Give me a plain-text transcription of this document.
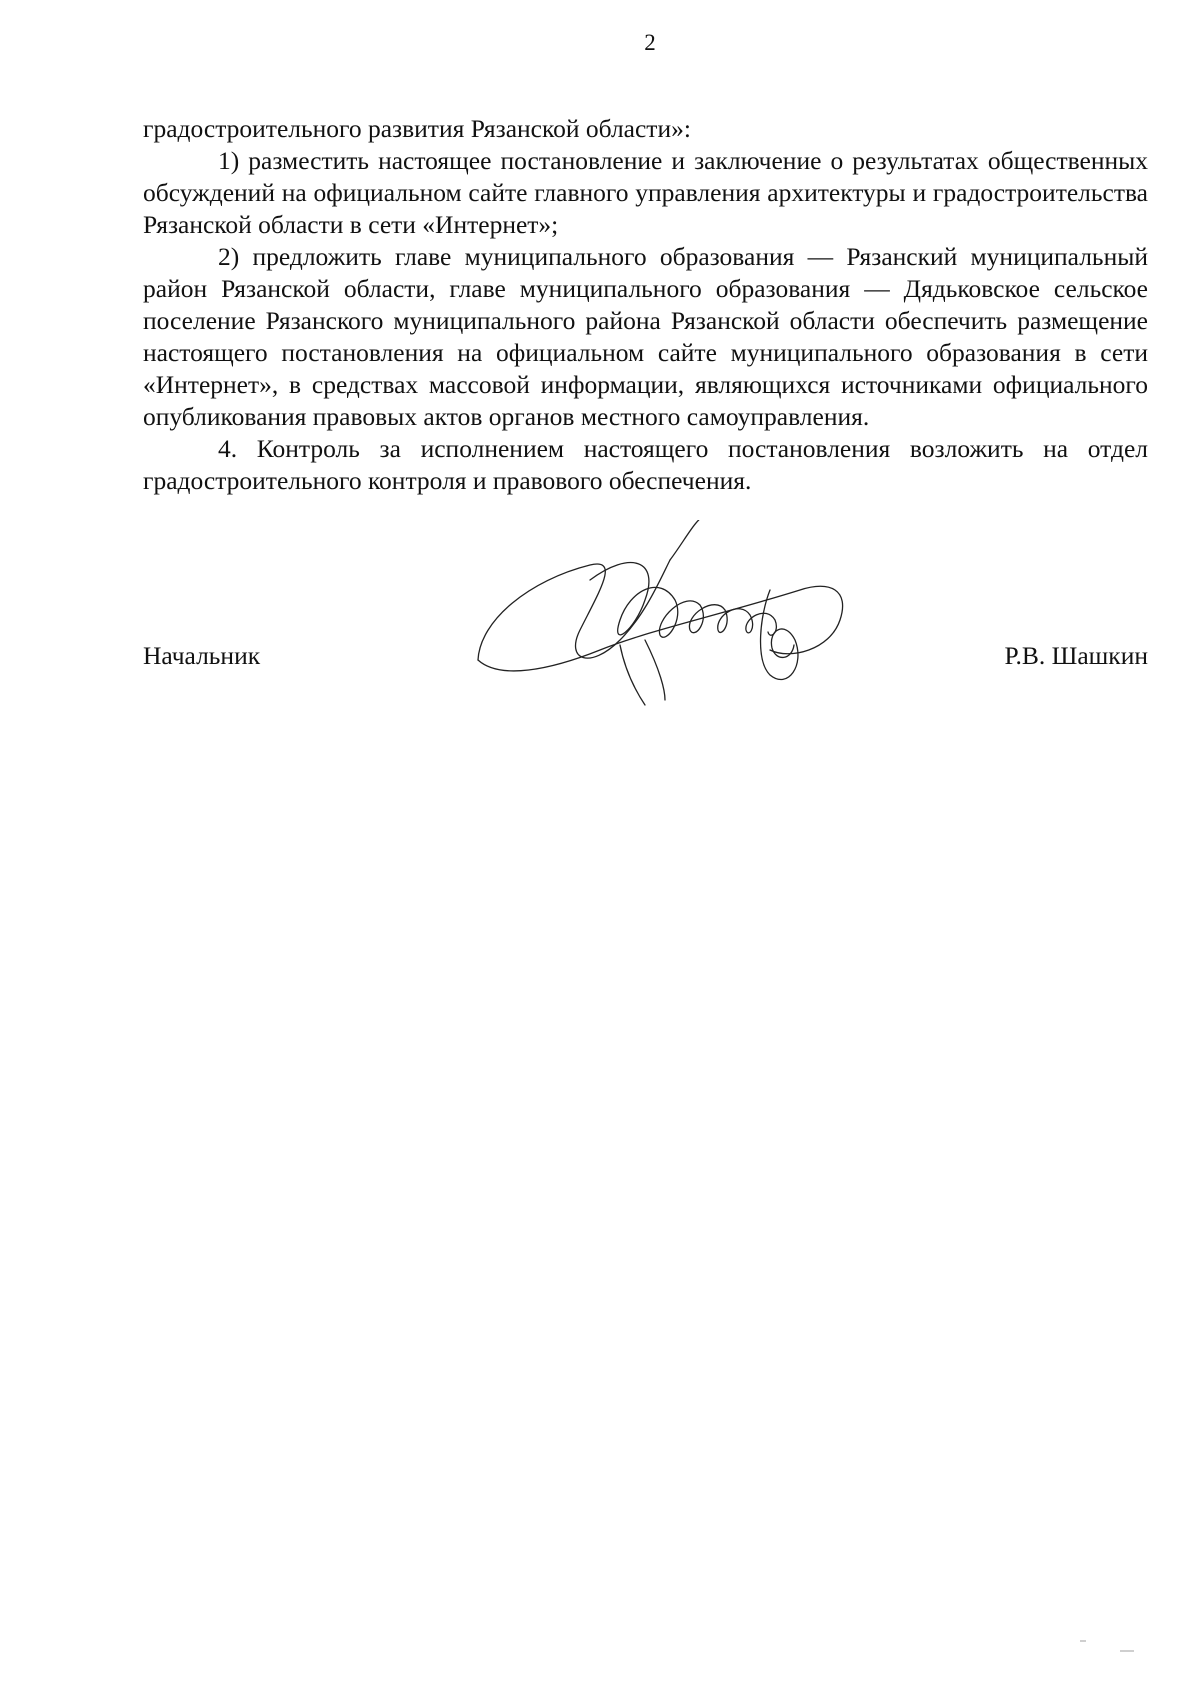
2

градостроительного развития Рязанской области»:

1) разместить настоящее постановление и заключение о результатах общественных обсуждений на официальном сайте главного управления архитектуры и градостроительства Рязанской области в сети «Интернет»;

2) предложить главе муниципального образования — Рязанский муниципальный район Рязанской области, главе муниципального образования — Дядьковское сельское поселение Рязанского муниципального района Рязанской области обеспечить размещение настоящего постановления на официальном сайте муниципального образования в сети «Интернет», в средствах массовой информации, являющихся источниками официального опубликования правовых актов органов местного самоуправления.

4. Контроль за исполнением настоящего постановления возложить на отдел градостроительного контроля и правового обеспечения.

Начальник	Р.В. Шашкин
